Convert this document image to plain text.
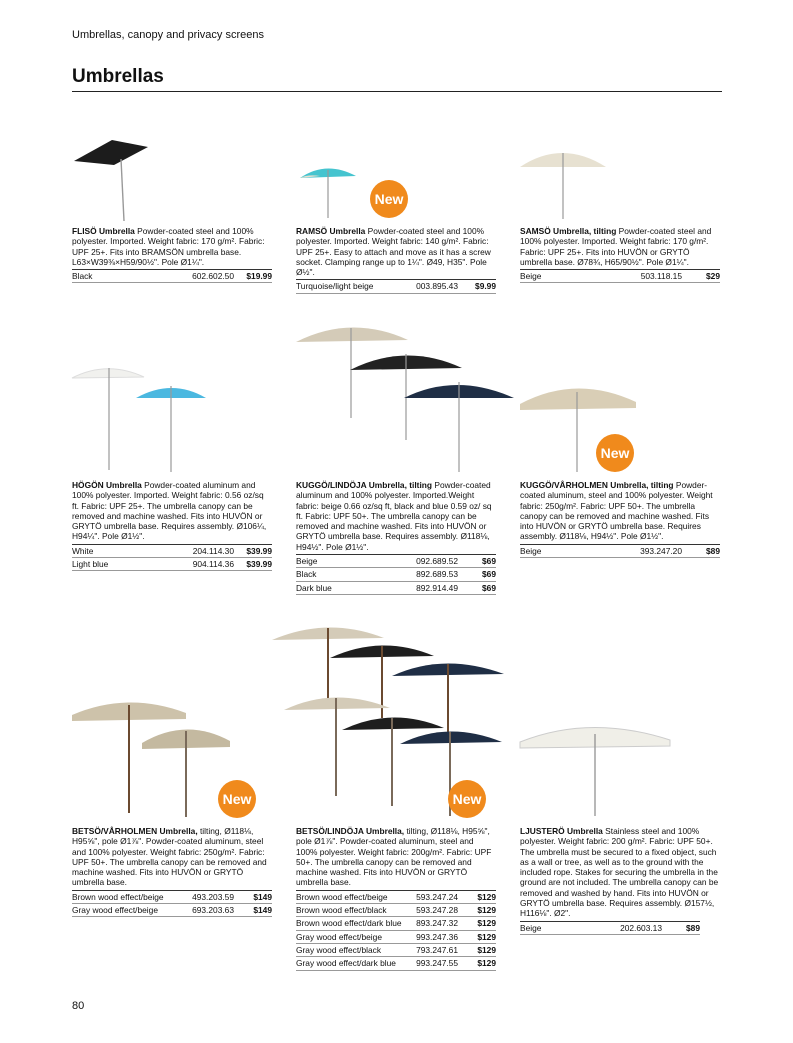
Umbrellas, canopy and privacy screens
Umbrellas
New
New
New	New
FLISÖ Umbrella Powder-coated steel and 100% polyester. Imported. Weight fabric: 170 g/m². Fabric: UPF 25+. Fits into BRAMSÖN umbrella base. L63×W39⅜×H59/90½". Pole Ø1¼".
Black	602.602.50	$19.99
RAMSÖ Umbrella Powder-coated steel and 100% polyester. Imported. Weight fabric: 140 g/m². Fabric: UPF 25+. Easy to attach and move as it has a screw socket. Clamping range up to 1¼". Ø49, H35". Pole Ø½".
Turquoise/light beige	003.895.43	$9.99
SAMSÖ Umbrella, tilting Powder-coated steel and 100% polyester. Imported. Weight fabric: 170 g/m². Fabric: UPF 25+. Fits into HUVÖN or GRYTÖ umbrella base. Ø78¾, H65/90½". Pole Ø1¼".
Beige	503.118.15	$29
HÖGÖN Umbrella Powder-coated aluminum and 100% polyester. Imported. Weight fabric: 0.56 oz/sq ft. Fabric: UPF 25+. The umbrella canopy can be removed and machine washed. Fits into HUVÖN or GRYTÖ umbrella base. Requires assembly. Ø106¼, H94¼". Pole Ø1½".
White	204.114.30	$39.99
Light blue	904.114.36	$39.99
KUGGÖ/LINDÖJA Umbrella, tilting Powder-coated aluminum and 100% polyester. Imported.Weight fabric: beige 0.66 oz/sq ft, black and blue 0.59 oz/ sq ft. Fabric: UPF 50+. The umbrella canopy can be removed and machine washed. Fits into HUVÖN or GRYTÖ umbrella base. Requires assembly. Ø118⅛, H94½". Pole Ø1½".
Beige	092.689.52	$69
Black	892.689.53	$69
Dark blue	892.914.49	$69
KUGGÖ/VÅRHOLMEN Umbrella, tilting Powder-coated aluminum, steel and 100% polyester. Weight fabric: 250g/m². Fabric: UPF 50+. The umbrella canopy can be removed and machine washed. Fits into HUVÖN or GRYTÖ umbrella base. Requires assembly. Ø118⅛, H94½". Pole Ø1½".
Beige	393.247.20	$89
BETSÖ/VÅRHOLMEN Umbrella, tilting, Ø118⅛, H95⅝", pole Ø1⅞". Powder-coated aluminum, steel and 100% polyester. Weight fabric: 250g/m². Fabric: UPF 50+. The umbrella canopy can be removed and machine washed. Fits into HUVÖN or GRYTÖ umbrella base.
Brown wood effect/beige	493.203.59	$149
Gray wood effect/beige	693.203.63	$149
BETSÖ/LINDÖJA Umbrella, tilting, Ø118⅛, H95⅝", pole Ø1⅞". Powder-coated aluminum, steel and 100% polyester. Weight fabric: 200g/m². Fabric: UPF 50+. The umbrella canopy can be removed and machine washed. Fits into HUVÖN or GRYTÖ umbrella base.
Brown wood effect/beige	593.247.24	$129
Brown wood effect/black	593.247.28	$129
Brown wood effect/dark blue	893.247.32	$129
Gray wood effect/beige	993.247.36	$129
Gray wood effect/black	793.247.61	$129
Gray wood effect/dark blue	993.247.55	$129
LJUSTERÖ Umbrella Stainless steel and 100% polyester. Weight fabric: 200 g/m². Fabric: UPF 50+. The umbrella must be secured to a fixed object, such as a wall or tree, as well as to the ground with the included rope. Stakes for securing the umbrella in the ground are not included. The umbrella canopy can be removed and washed by hand. Fits into HUVÖN or GRYTÖ umbrella base. Requires assembly. Ø157½, H116⅛". Ø2".
Beige	202.603.13	$89
80
